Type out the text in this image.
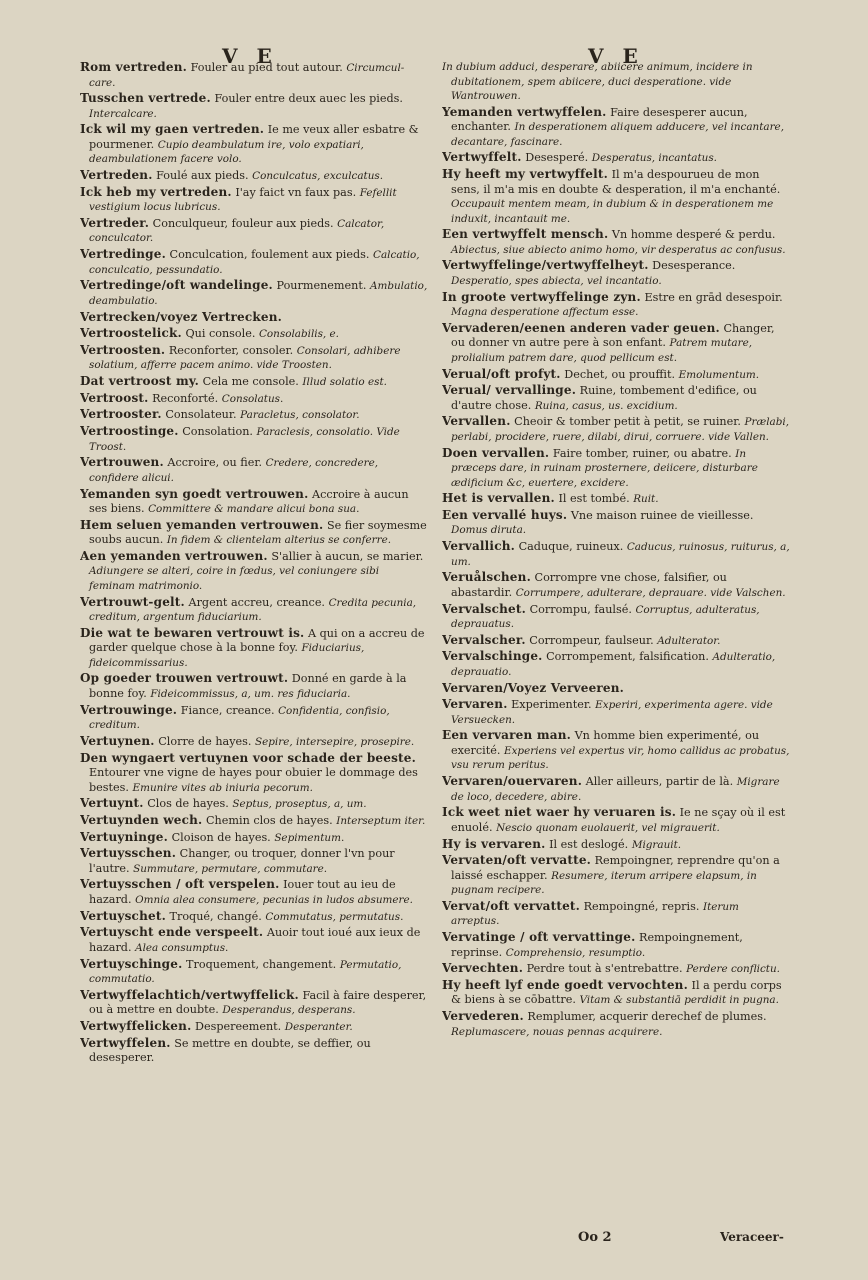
V E	V E

Rom vertreden. Fouler au pied tout autour. Circumcul-care.

Tusschen vertrede. Fouler entre deux auec les pieds. Intercalcare.

Ick wil my gaen vertreden. Ie me veux aller esbatre & pourmener. Cupio deambulatum ire, volo expatiari, deambulationem facere volo.

Vertreden. Foulé aux pieds. Conculcatus, exculcatus.

Ick heb my vertreden. I'ay faict vn faux pas. Fefellit vestigium locus lubricus.

Vertreder. Conculqueur, fouleur aux pieds. Calcator, conculcator.

Vertredinge. Conculcation, foulement aux pieds. Calcatio, conculcatio, pessundatio.

Vertredinge/oft wandelinge. Pourmenement. Ambulatio, deambulatio.

Vertrecken/voyez Vertrecken.

Vertroostelick. Qui console. Consolabilis, e.

Vertroosten. Reconforter, consoler. Consolari, adhibere solatium, afferre pacem animo. vide Troosten.

Dat vertroost my. Cela me console. Illud solatio est.

Vertroost. Reconforté. Consolatus.

Vertrooster. Consolateur. Paracletus, consolator.

Vertroostinge. Consolation. Paraclesis, consolatio. Vide Troost.

Vertrouwen. Accroire, ou fier. Credere, concredere, confidere alicui.

Yemanden syn goedt vertrouwen. Accroire à aucun ses biens. Committere & mandare alicui bona sua.

Hem seluen yemanden vertrouwen. Se fier soymesme soubs aucun. In fidem & clientelam alterius se conferre.

Aen yemanden vertrouwen. S'allier à aucun, se marier. Adiungere se alteri, coire in fœdus, vel coniungere sibi feminam matrimonio.

Vertrouwt-gelt. Argent accreu, creance. Credita pecunia, creditum, argentum fiduciarium.

Die wat te bewaren vertrouwt is. A qui on a accreu de garder quelque chose à la bonne foy. Fiduciarius, fideicommissarius.

Op goeder trouwen vertrouwt. Donné en garde à la bonne foy. Fideicommissus, a, um. res fiduciaria.

Vertrouwinge. Fiance, creance. Confidentia, confisio, creditum.

Vertuynen. Clorre de hayes. Sepire, intersepire, prosepire.

Den wyngaert vertuynen voor schade der beeste. Entourer vne vigne de hayes pour obuier le dommage des bestes. Emunire vites ab iniuria pecorum.

Vertuynt. Clos de hayes. Septus, proseptus, a, um.

Vertuynden wech. Chemin clos de hayes. Interseptum iter.

Vertuyninge. Cloison de hayes. Sepimentum.

Vertuysschen. Changer, ou troquer, donner l'vn pour l'autre. Summutare, permutare, commutare.

Vertuysschen / oft verspelen. Iouer tout au ieu de hazard. Omnia alea consumere, pecunias in ludos absumere.

Vertuyschet. Troqué, changé. Commutatus, permutatus.

Vertuyscht ende verspeelt. Auoir tout ioué aux ieux de hazard. Alea consumptus.

Vertuyschinge. Troquement, changement. Permutatio, commutatio.

Vertwyffelachtich/vertwyffelick. Facil à faire desperer, ou à mettre en doubte. Desperandus, desperans.

Vertwyffelicken. Despereement. Desperanter.

Vertwyffelen. Se mettre en doubte, se deffier, ou desesperer.

In dubium adduci, desperare, abiicere animum, incidere in dubitationem, spem abiicere, duci desperatione. vide Wantrouwen.

Yemanden vertwyffelen. Faire desesperer aucun, enchanter. In desperationem aliquem adducere, vel incantare, decantare, fascinare.

Vertwyffelt. Desesperé. Desperatus, incantatus.

Hy heeft my vertwyffelt. Il m'a despourueu de mon sens, il m'a mis en doubte & desperation, il m'a enchanté. Occupauit mentem meam, in dubium & in desperationem me induxit, incantauit me.

Een vertwyffelt mensch. Vn homme desperé & perdu. Abiectus, siue abiecto animo homo, vir desperatus ac confusus.

Vertwyffelinge/vertwyffelheyt. Desesperance. Desperatio, spes abiecta, vel incantatio.

In groote vertwyffelinge zyn. Estre en grād desespoir. Magna desperatione affectum esse.

Vervaderen/eenen anderen vader geuen. Changer, ou donner vn autre pere à son enfant. Patrem mutare, prolialium patrem dare, quod pellicum est.

Verual/oft profyt. Dechet, ou prouffit. Emolumentum.

Verual/ vervallinge. Ruine, tombement d'edifice, ou d'autre chose. Ruina, casus, us. excidium.

Vervallen. Cheoir & tomber petit à petit, se ruiner. Prælabi, perlabi, procidere, ruere, dilabi, dirui, corruere. vide Vallen.

Doen vervallen. Faire tomber, ruiner, ou abatre. In præceps dare, in ruinam prosternere, deiicere, disturbare ædificium &c, euertere, excidere.

Het is vervallen. Il est tombé. Ruit.

Een vervallé huys. Vne maison ruinee de vieillesse. Domus diruta.

Vervallich. Caduque, ruineux. Caducus, ruinosus, ruiturus, a, um.

Veruålschen. Corrompre vne chose, falsifier, ou abastardir. Corrumpere, adulterare, deprauare. vide Valschen.

Vervalschet. Corrompu, faulsé. Corruptus, adulteratus, deprauatus.

Vervalscher. Corrompeur, faulseur. Adulterator.

Vervalschinge. Corrompement, falsification. Adulteratio, deprauatio.

Vervaren/Voyez Verveeren.

Vervaren. Experimenter. Experiri, experimenta agere. vide Versuecken.

Een vervaren man. Vn homme bien experimenté, ou exercité. Experiens vel expertus vir, homo callidus ac probatus, vsu rerum peritus.

Vervaren/ouervaren. Aller ailleurs, partir de là. Migrare de loco, decedere, abire.

Ick weet niet waer hy veruaren is. Ie ne sçay où il est enuolé. Nescio quonam euolauerit, vel migrauerit.

Hy is vervaren. Il est deslogé. Migrauit.

Vervaten/oft vervatte. Rempoingner, reprendre qu'on a laissé eschapper. Resumere, iterum arripere elapsum, in pugnam recipere.

Vervat/oft vervattet. Rempoingné, repris. Iterum arreptus.

Vervatinge / oft vervattinge. Rempoingnement, reprinse. Comprehensio, resumptio.

Vervechten. Perdre tout à s'entrebattre. Perdere conflictu.

Hy heeft lyf ende goedt vervochten. Il a perdu corps & biens à se cōbattre. Vitam & substantiā perdidit in pugna.

Vervederen. Remplumer, acquerir derechef de plumes. Replumascere, nouas pennas acquirere.

Oo 2	Veraceer-
